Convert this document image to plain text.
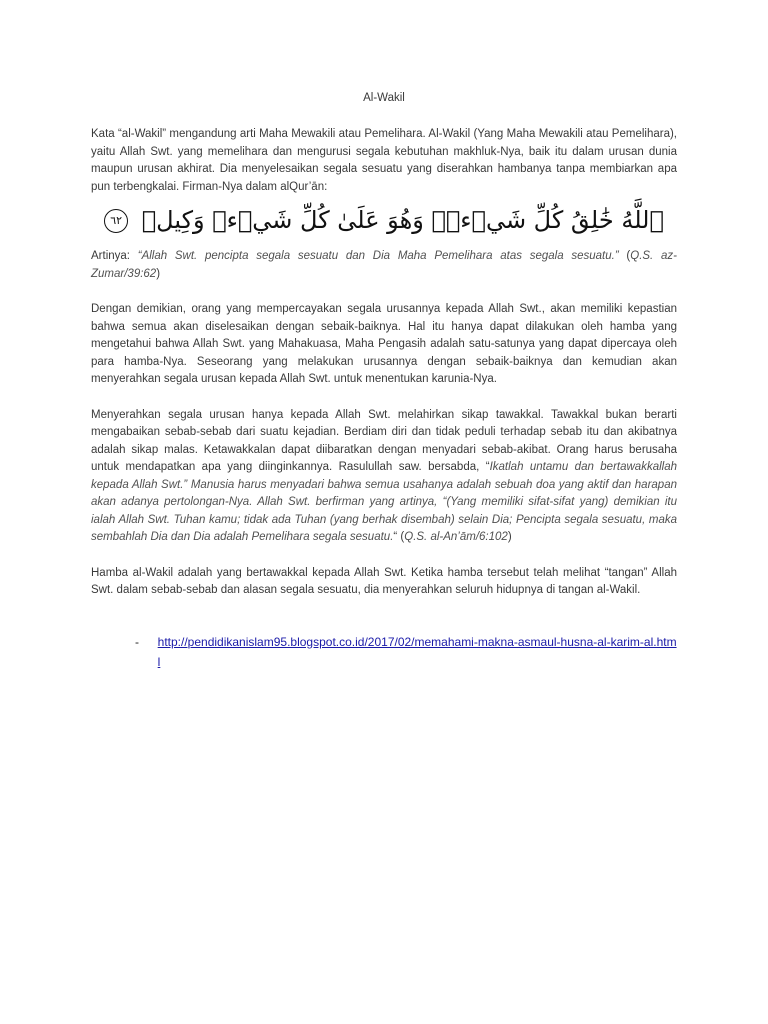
Al-Wakil

Kata “al-Wakil” mengandung arti Maha Mewakili atau Pemelihara. Al-Wakil (Yang Maha Mewakili atau Pemelihara), yaitu Allah Swt. yang memelihara dan mengurusi segala kebutuhan makhluk-Nya, baik itu dalam urusan dunia maupun urusan akhirat. Dia menyelesaikan segala sesuatu yang diserahkan hambanya tanpa membiarkan apa pun terbengkalai. Firman-Nya dalam alQur’ān:

ٱللَّهُ خَٰلِقُ كُلِّ شَيۡءٖۖ وَهُوَ عَلَىٰ كُلِّ شَيۡءٖ وَكِيلٞ ٦٢

Artinya: “Allah Swt. pencipta segala sesuatu dan Dia Maha Pemelihara atas segala sesuatu.” (Q.S. az-Zumar/39:62)

Dengan demikian, orang yang mempercayakan segala urusannya kepada Allah Swt., akan memiliki kepastian bahwa semua akan diselesaikan dengan sebaik-baiknya. Hal itu hanya dapat dilakukan oleh hamba yang mengetahui bahwa Allah Swt. yang Mahakuasa, Maha Pengasih adalah satu-satunya yang dapat dipercaya oleh para hamba-Nya. Seseorang yang melakukan urusannya dengan sebaik-baiknya dan kemudian akan menyerahkan segala urusan kepada Allah Swt. untuk menentukan karunia-Nya.

Menyerahkan segala urusan hanya kepada Allah Swt. melahirkan sikap tawakkal. Tawakkal bukan berarti mengabaikan sebab-sebab dari suatu kejadian. Berdiam diri dan tidak peduli terhadap sebab itu dan akibatnya adalah sikap malas. Ketawakkalan dapat diibaratkan dengan menyadari sebab-akibat. Orang harus berusaha untuk mendapatkan apa yang diinginkannya. Rasulullah saw. bersabda, “Ikatlah untamu dan bertawakkallah kepada Allah Swt.” Manusia harus menyadari bahwa semua usahanya adalah sebuah doa yang aktif dan harapan akan adanya pertolongan-Nya. Allah Swt. berfirman yang artinya, “(Yang memiliki sifat-sifat yang) demikian itu ialah Allah Swt. Tuhan kamu; tidak ada Tuhan (yang berhak disembah) selain Dia; Pencipta segala sesuatu, maka sembahlah Dia dan Dia adalah Pemelihara segala sesuatu.“ (Q.S. al-An’ām/6:102)

Hamba al-Wakil adalah yang bertawakkal kepada Allah Swt. Ketika hamba tersebut telah melihat “tangan” Allah Swt. dalam sebab-sebab dan alasan segala sesuatu, dia menyerahkan seluruh hidupnya di tangan al-Wakil.

-	http://pendidikanislam95.blogspot.co.id/2017/02/memahami-makna-asmaul-husna-al-karim-al.html
